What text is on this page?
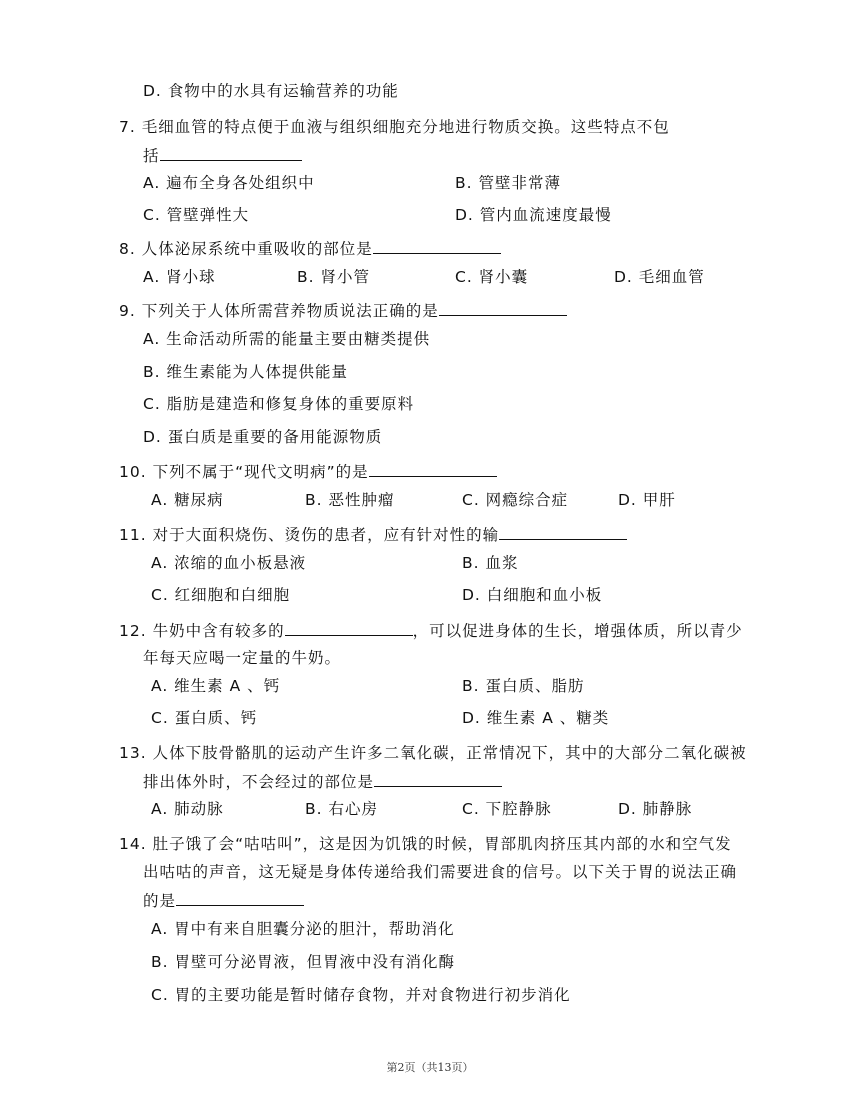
D. 食物中的水具有运输营养的功能
7. 毛细血管的特点便于血液与组织细胞充分地进行物质交换。这些特点不包
括
A. 遍布全身各处组织中	B. 管壁非常薄
C. 管壁弹性大	D. 管内血流速度最慢
8. 人体泌尿系统中重吸收的部位是
A. 肾小球	B. 肾小管	C. 肾小囊	D. 毛细血管
9. 下列关于人体所需营养物质说法正确的是
A. 生命活动所需的能量主要由糖类提供
B. 维生素能为人体提供能量
C. 脂肪是建造和修复身体的重要原料
D. 蛋白质是重要的备用能源物质
10. 下列不属于“现代文明病”的是
A. 糖尿病	B. 恶性肿瘤	C. 网瘾综合症	D. 甲肝
11. 对于大面积烧伤、烫伤的患者，应有针对性的输
A. 浓缩的血小板悬液	B. 血浆
C. 红细胞和白细胞	D. 白细胞和血小板
12. 牛奶中含有较多的	，可以促进身体的生长，增强体质，所以青少
年每天应喝一定量的牛奶。
A. 维生素 A 、钙	B. 蛋白质、脂肪
C. 蛋白质、钙	D. 维生素 A 、糖类
13. 人体下肢骨骼肌的运动产生许多二氧化碳，正常情况下，其中的大部分二氧化碳被
排出体外时，不会经过的部位是
A. 肺动脉	B. 右心房	C. 下腔静脉	D. 肺静脉
14. 肚子饿了会“咕咕叫”，这是因为饥饿的时候，胃部肌肉挤压其内部的水和空气发
出咕咕的声音，这无疑是身体传递给我们需要进食的信号。以下关于胃的说法正确
的是
A. 胃中有来自胆囊分泌的胆汁，帮助消化
B. 胃壁可分泌胃液，但胃液中没有消化酶
C. 胃的主要功能是暂时储存食物，并对食物进行初步消化
第2页（共13页）
